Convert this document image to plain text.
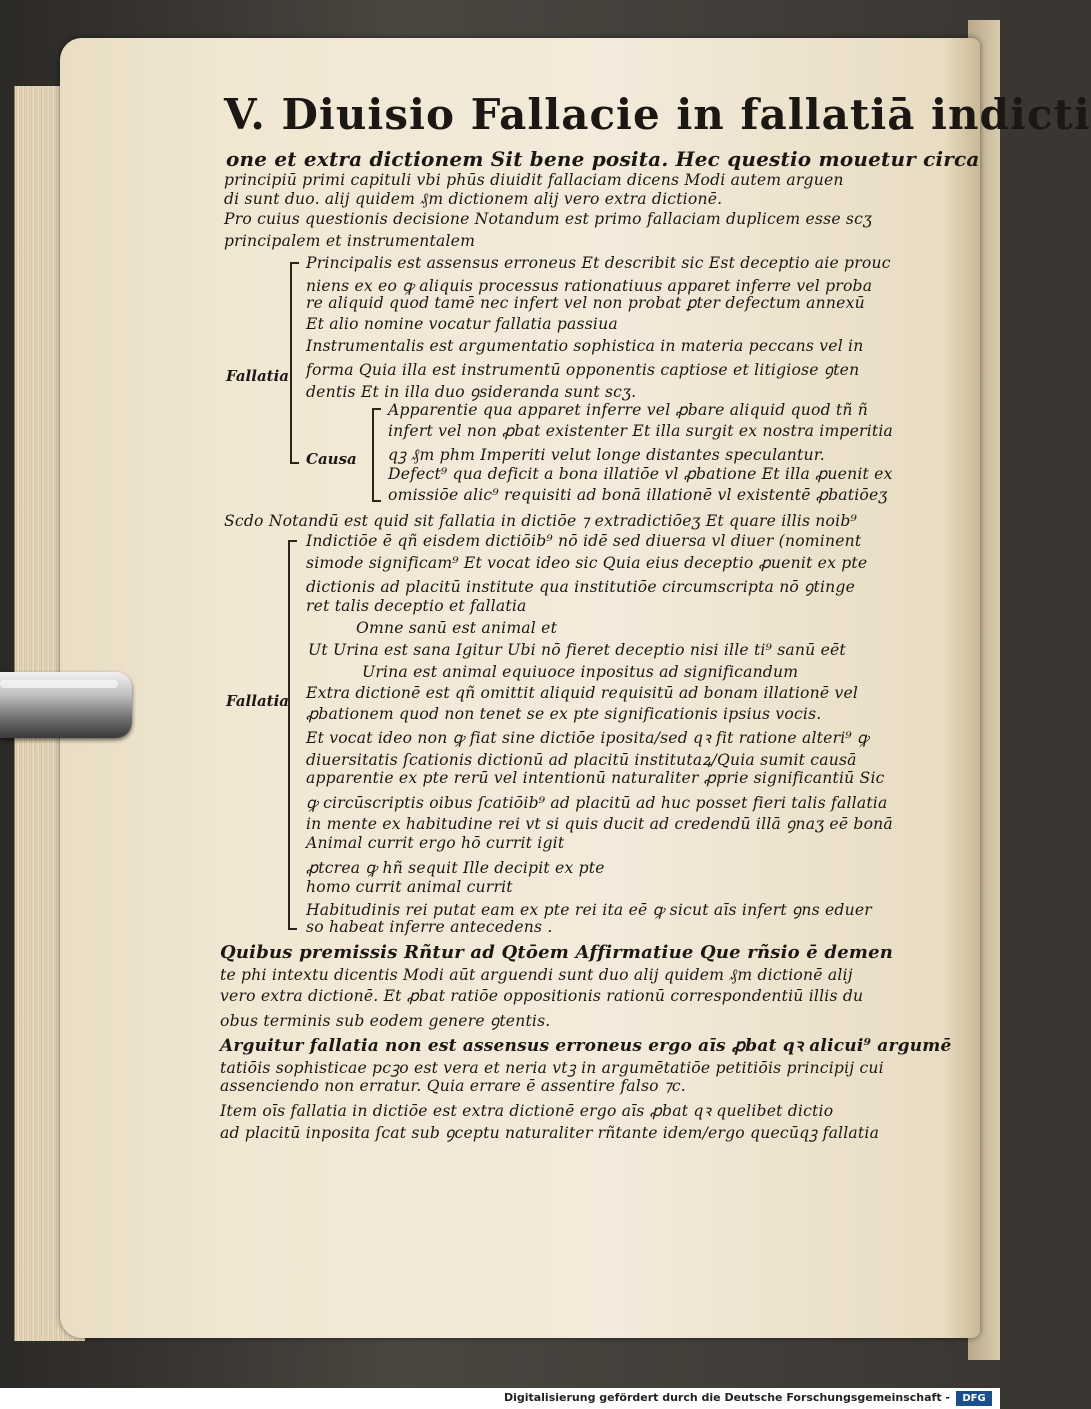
V. Diuisio Fallacie in fallatiā indicti
one et extra dictionem Sit bene posita. Hec questio mouetur circa
principiū primi capituli vbi phūs diuidit fallaciam dicens Modi autem arguen
di sunt duo. alij quidem ₰m dictionem alij vero extra dictionē.
Pro cuius questionis decisione Notandum est primo fallaciam duplicem esse scʒ
principalem et instrumentalem
Principalis est assensus erroneus Et describit sic Est deceptio aie prouc
niens ex eo ꝙ aliquis processus rationatiuus apparet inferre vel proba
re aliquid quod tamē nec infert vel non probat ꝑter defectum annexū
Et alio nomine vocatur fallatia passiua
Instrumentalis est argumentatio sophistica in materia peccans vel in
Fallatia forma Quia illa est instrumentū opponentis captiose et litigiose ꝯten
dentis Et in illa duo ꝯsideranda sunt scʒ.
Apparentie qua apparet inferre vel ꝓbare aliquid quod tñ ñ
infert vel non ꝓbat existenter Et illa surgit ex nostra imperitia
Causa qꝫ ₰m phm Imperiti velut longe distantes speculantur.
Defect⁹ qua deficit a bona illatiōe vl ꝓbatione Et illa ꝓuenit ex
omissiōe alic⁹ requisiti ad bonā illationē vl existentē ꝓbatiōeʒ
Scdo Notandū est quid sit fallatia in dictiōe ⁊ extradictiōeʒ Et quare illis noib⁹
Indictiōe ē qñ eisdem dictiōib⁹ nō idē sed diuersa vl diuer (nominent
simode significam⁹ Et vocat ideo sic Quia eius deceptio ꝓuenit ex pte
dictionis ad placitū institute qua institutiōe circumscripta nō ꝯtinge
ret talis deceptio et fallatia
Omne sanū est animal et
Ut Urina est sana Igitur Ubi nō fieret deceptio nisi ille ti⁹ sanū eēt
Urina est animal equiuoce inpositus ad significandum
Fallatia Extra dictionē est qñ omittit aliquid requisitū ad bonam illationē vel
ꝓbationem quod non tenet se ex pte significationis ipsius vocis.
Et vocat ideo non ꝙ fiat sine dictiōe iposita/sed qꝛ fit ratione alteri⁹ ꝙ
diuersitatis ſcationis dictionū ad placitū institutaꝝ/Quia sumit causā
apparentie ex pte rerū vel intentionū naturaliter ꝓprie significantiū Sic
ꝙ circūscriptis oibus ſcatiōib⁹ ad placitū ad huc posset fieri talis fallatia
in mente ex habitudine rei vt si quis ducit ad credendū illā ꝯnaʒ eē bonā
Animal currit ergo hō currit igit
ꝓtcrea ꝙ hñ sequit Ille decipit ex pte
homo currit animal currit
Habitudinis rei putat eam ex pte rei ita eē ꝙ sicut aīs infert ꝯns eduer
so habeat inferre antecedens .
Quibus premissis Rñtur ad Qtōem Affirmatiue Que rñsio ē demen
te phi intextu dicentis Modi aūt arguendi sunt duo alij quidem ₰m dictionē alij
vero extra dictionē. Et ꝓbat ratiōe oppositionis rationū correspondentiū illis du
obus terminis sub eodem genere ꝯtentis.
Arguitur fallatia non est assensus erroneus ergo aīs ꝓbat qꝛ alicui⁹ argumē
tatiōis sophisticae pcꝫo est vera et neria vtꝫ in argumētatiōe petitiōis principij cui
assenciendo non erratur. Quia errare ē assentire falso ⁊c.
Item oīs fallatia in dictiōe est extra dictionē ergo aīs ꝓbat qꝛ quelibet dictio
ad placitū inposita ſcat sub ꝯceptu naturaliter rñtante idem/ergo quecūqꝫ fallatia
Digitalisierung gefördert durch die Deutsche Forschungsgemeinschaft -	DFG
